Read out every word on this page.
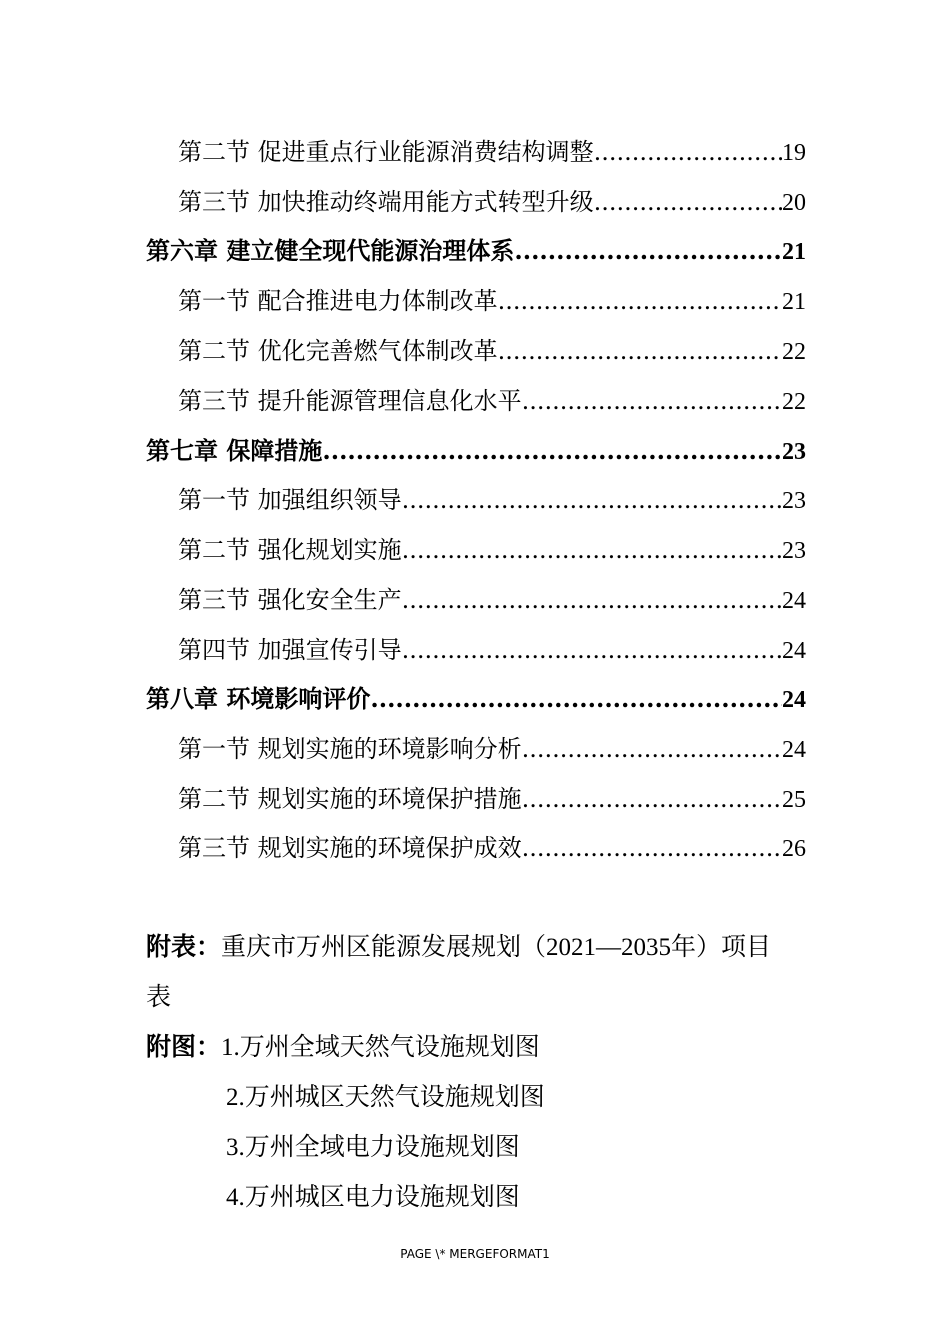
第二节 促进重点行业能源消费结构调整 .....	19
第三节 加快推动终端用能方式转型升级 .....	20
第六章 建立健全现代能源治理体系 .....	21
第一节 配合推进电力体制改革 .....	21
第二节 优化完善燃气体制改革 .....	22
第三节 提升能源管理信息化水平 .....	22
第七章 保障措施 .....	23
第一节 加强组织领导 .....	23
第二节 强化规划实施 .....	23
第三节 强化安全生产 .....	24
第四节 加强宣传引导 .....	24
第八章 环境影响评价 .....	24
第一节 规划实施的环境影响分析 .....	24
第二节 规划实施的环境保护措施 .....	25
第三节 规划实施的环境保护成效 .....	26
附表：重庆市万州区能源发展规划（2021—2035年）项目
表
附图：1.万州全域天然气设施规划图
2.万州城区天然气设施规划图
3.万州全域电力设施规划图
4.万州城区电力设施规划图
PAGE \* MERGEFORMAT1
